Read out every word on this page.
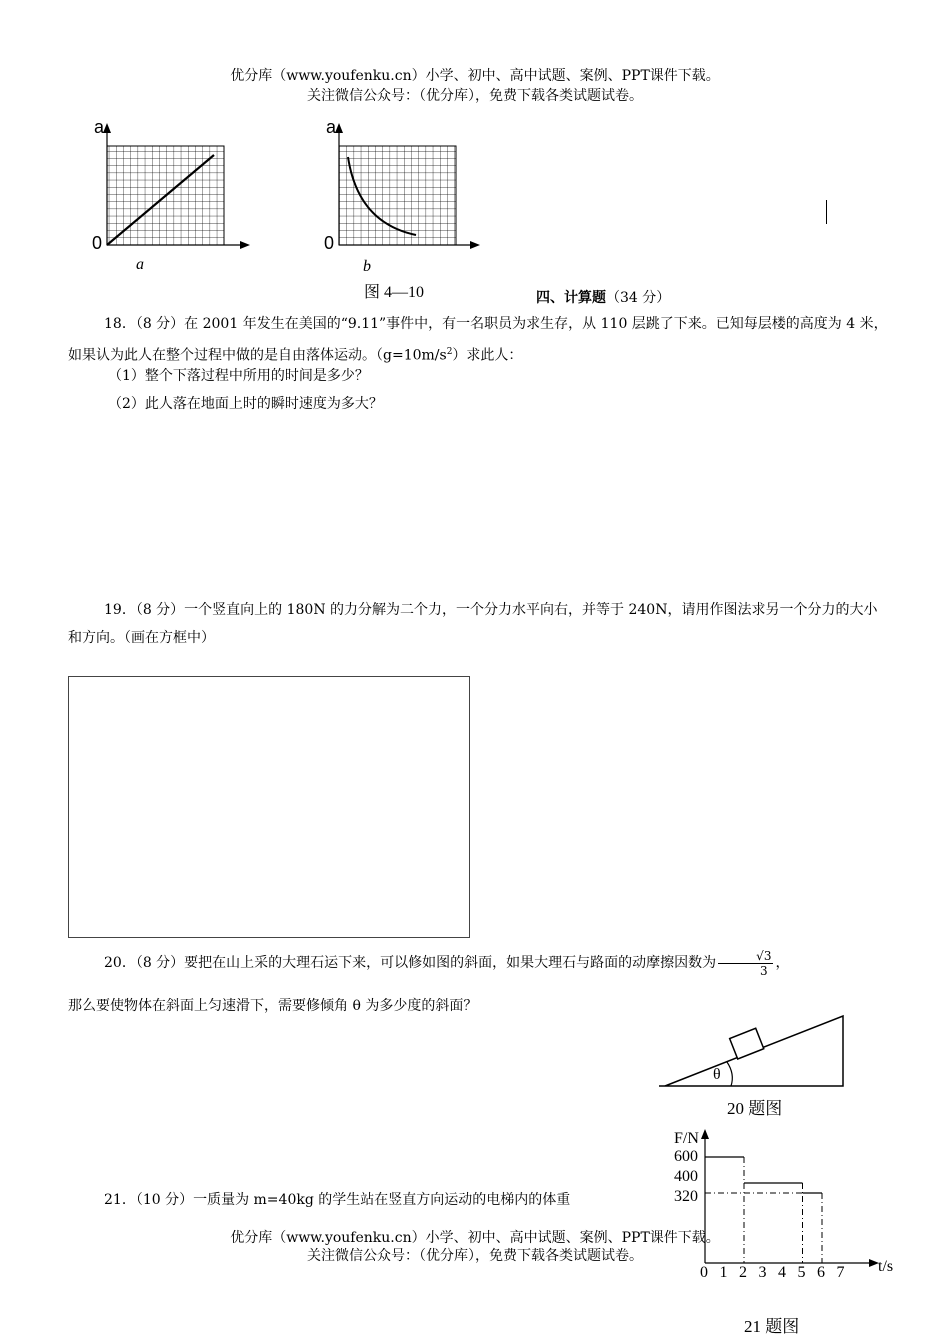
优分库（www.youfenku.cn）小学、初中、高中试题、案例、PPT课件下载。
关注微信公众号：（优分库），免费下载各类试题试卷。
a
0
a
a
0
b
图 4—10	四、计算题（34 分）
18．（8 分）在 2001 年发生在美国的“9.11”事件中，有一名职员为求生存，从 110 层跳了下来。已知每层楼的高度为 4 米，如果认为此人在整个过程中做的是自由落体运动。$(g=10m/s^2)$求此人：
（1）整个下落过程中所用的时间是多少？
（2）此人落在地面上时的瞬时速度为多大？
19．（8 分）一个竖直向上的 180N 的力分解为二个力，一个分力水平向右，并等于 240N，请用作图法求另一个分力的大小和方向。（画在方框中）
20．（8 分）要把在山上采的大理石运下来，可以修如图的斜面，如果大理石与路面的动摩擦因数为 $\frac{√3}{3}$ ，
那么要使物体在斜面上匀速滑下，需要修倾角 θ 为多少度的斜面？
θ
20 题图
21．（10 分）一质量为 m=40kg 的学生站在竖直方向运动的电梯内的体重
F/N
600
400
320
t/s
0 1 2 3 4 5 6 7
21 题图
优分库（www.youfenku.cn）小学、初中、高中试题、案例、PPT课件下载。
关注微信公众号：（优分库），免费下载各类试题试卷。
